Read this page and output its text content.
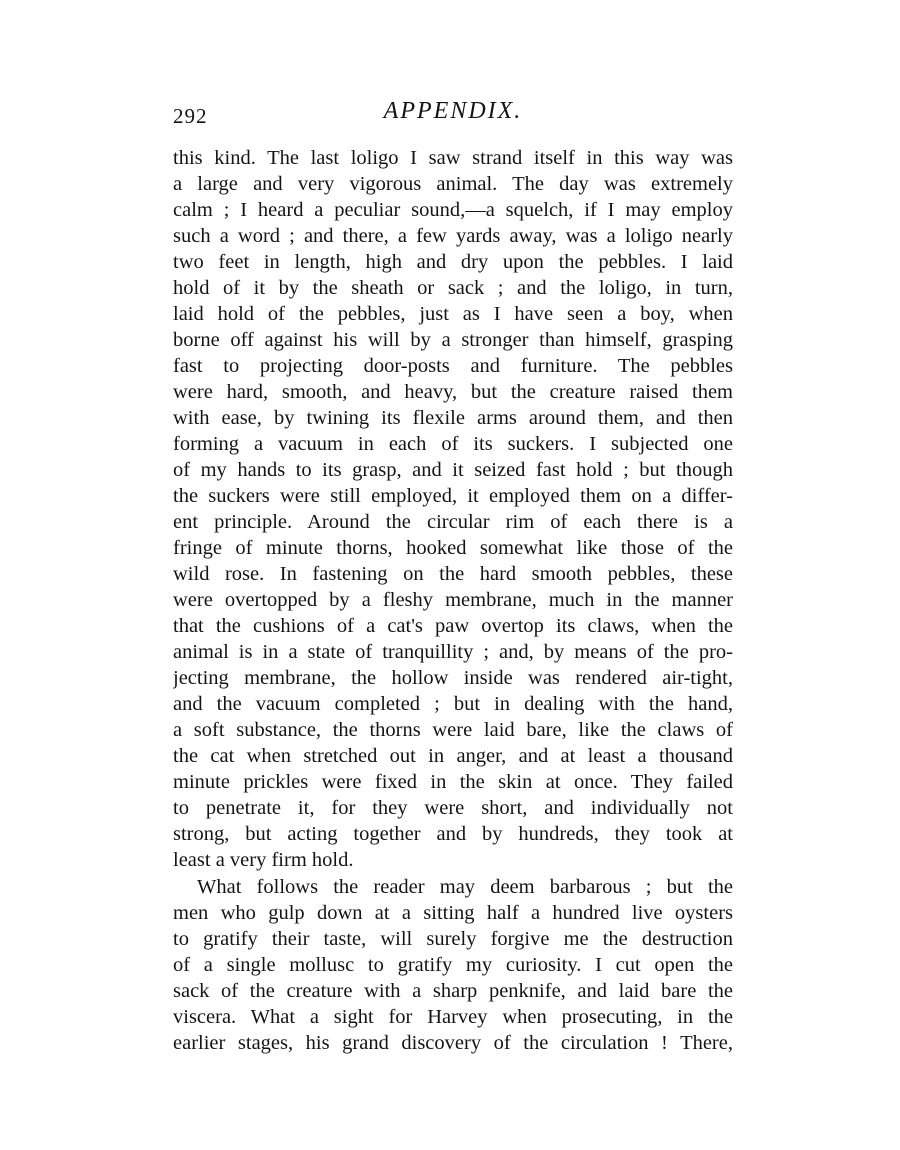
292	APPENDIX.
this kind. The last loligo I saw strand itself in this way was
a large and very vigorous animal. The day was extremely
calm ; I heard a peculiar sound,—a squelch, if I may employ
such a word ; and there, a few yards away, was a loligo nearly
two feet in length, high and dry upon the pebbles. I laid
hold of it by the sheath or sack ; and the loligo, in turn,
laid hold of the pebbles, just as I have seen a boy, when
borne off against his will by a stronger than himself, grasping
fast to projecting door-posts and furniture. The pebbles
were hard, smooth, and heavy, but the creature raised them
with ease, by twining its flexile arms around them, and then
forming a vacuum in each of its suckers. I subjected one
of my hands to its grasp, and it seized fast hold ; but though
the suckers were still employed, it employed them on a differ-
ent principle. Around the circular rim of each there is a
fringe of minute thorns, hooked somewhat like those of the
wild rose. In fastening on the hard smooth pebbles, these
were overtopped by a fleshy membrane, much in the manner
that the cushions of a cat's paw overtop its claws, when the
animal is in a state of tranquillity ; and, by means of the pro-
jecting membrane, the hollow inside was rendered air-tight,
and the vacuum completed ; but in dealing with the hand,
a soft substance, the thorns were laid bare, like the claws of
the cat when stretched out in anger, and at least a thousand
minute prickles were fixed in the skin at once. They failed
to penetrate it, for they were short, and individually not
strong, but acting together and by hundreds, they took at
least a very firm hold.
What follows the reader may deem barbarous ; but the
men who gulp down at a sitting half a hundred live oysters
to gratify their taste, will surely forgive me the destruction
of a single mollusc to gratify my curiosity. I cut open the
sack of the creature with a sharp penknife, and laid bare the
viscera. What a sight for Harvey when prosecuting, in the
earlier stages, his grand discovery of the circulation ! There,
